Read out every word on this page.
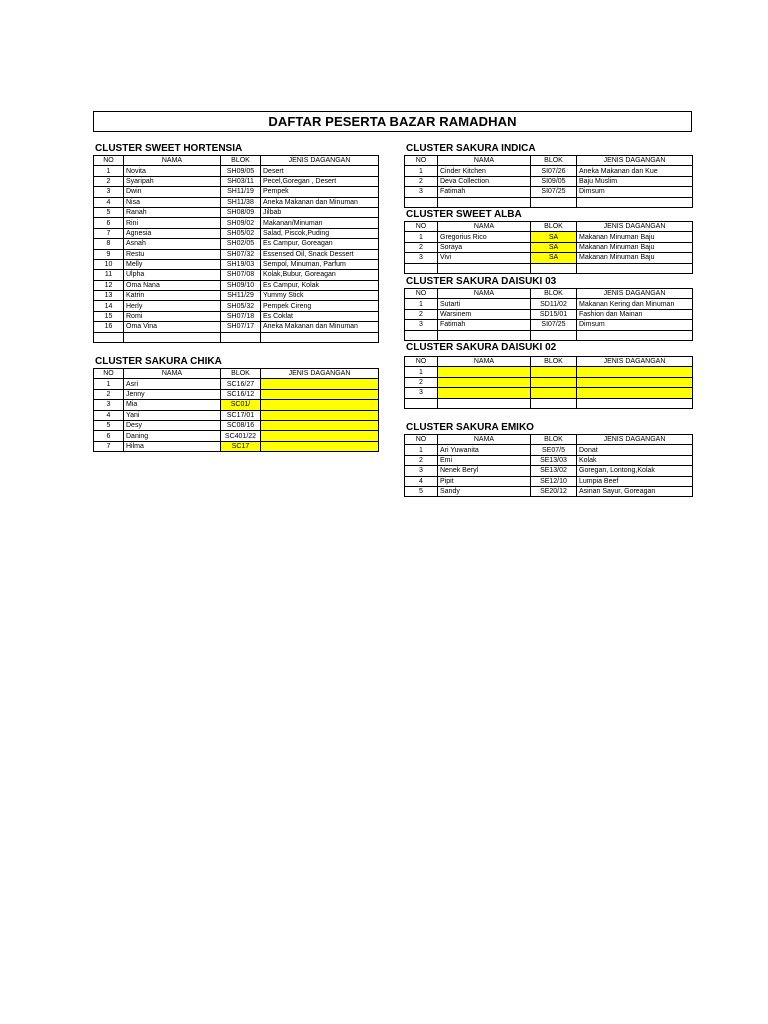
DAFTAR PESERTA BAZAR RAMADHAN
CLUSTER SWEET HORTENSIA
NO	NAMA	BLOK	JENIS DAGANGAN
1	Novita	SH09/05	Desert
2	Syaripah	SH03/11	Pecel,Goregan , Desert
3	Dwin	SH11/19	Pempek
4	Nisa	SH11/38	Aneka Makanan dan Minuman
5	Ranah	SH08/09	Jilbab
6	Rini	SH09/02	Makanan/Minuman
7	Agnesia	SH05/02	Salad, Piscok,Puding
8	Asnah	SH02/05	Es Campur, Goreagan
9	Restu	SH07/32	Essensed Oil, Snack Dessert
10	Melly	SH19/03	Sempol, Minuman, Parfum
11	Ulpha	SH07/08	Kolak,Bubur, Goreagan
12	Oma Nana	SH09/10	Es Campur, Kolak
13	Katrin	SH11/29	Yummy Stick
14	Herly	SH05/32	Pempek Cireng
15	Romi	SH07/18	Es Coklat
16	Oma Vina	SH07/17	Aneka Makanan dan Minuman

CLUSTER SAKURA CHIKA
NO	NAMA	BLOK	JENIS DAGANGAN
1	Asri	SC16/27	
2	Jenny	SC16/12	
3	Mia	SC01/	
4	Yani	SC17/01	
5	Desy	SC08/16	
6	Daning	SC401/22	
7	Hilma	SC17	
CLUSTER SAKURA INDICA
NO	NAMA	BLOK	JENIS DAGANGAN
1	Cinder Kitchen	SI07/26	Aneka Makanan dan Kue
2	Deva Collection	SI09/05	Baju Muslim
3	Fatimah	SI07/25	Dimsum

CLUSTER SWEET ALBA
NO	NAMA	BLOK	JENIS DAGANGAN
1	Gregorius Rico	SA	Makanan Minuman Baju
2	Soraya	SA	Makanan Minuman Baju
3	Vivi	SA	Makanan Minuman Baju

CLUSTER SAKURA DAISUKI 03
NO	NAMA	BLOK	JENIS DAGANGAN
1	Sutarti	SD11/02	Makanan Kering dan Minuman
2	Warsinem	SD15/01	Fashion dan Mainan
3	Fatimah	SI07/25	Dimsum

CLUSTER SAKURA DAISUKI 02
NO	NAMA	BLOK	JENIS DAGANGAN
1			
2			
3			

CLUSTER SAKURA EMIKO
NO	NAMA	BLOK	JENIS DAGANGAN
1	Ari Yuwanita	SE07/5	Donat
2	Emi	SE13/03	Kolak
3	Nenek Beryl	SE13/02	Goregan, Lontong,Kolak
4	Pipit	SE12/10	Lumpia Beef
5	Sandy	SE20/12	Asinan Sayur, Goreagan
